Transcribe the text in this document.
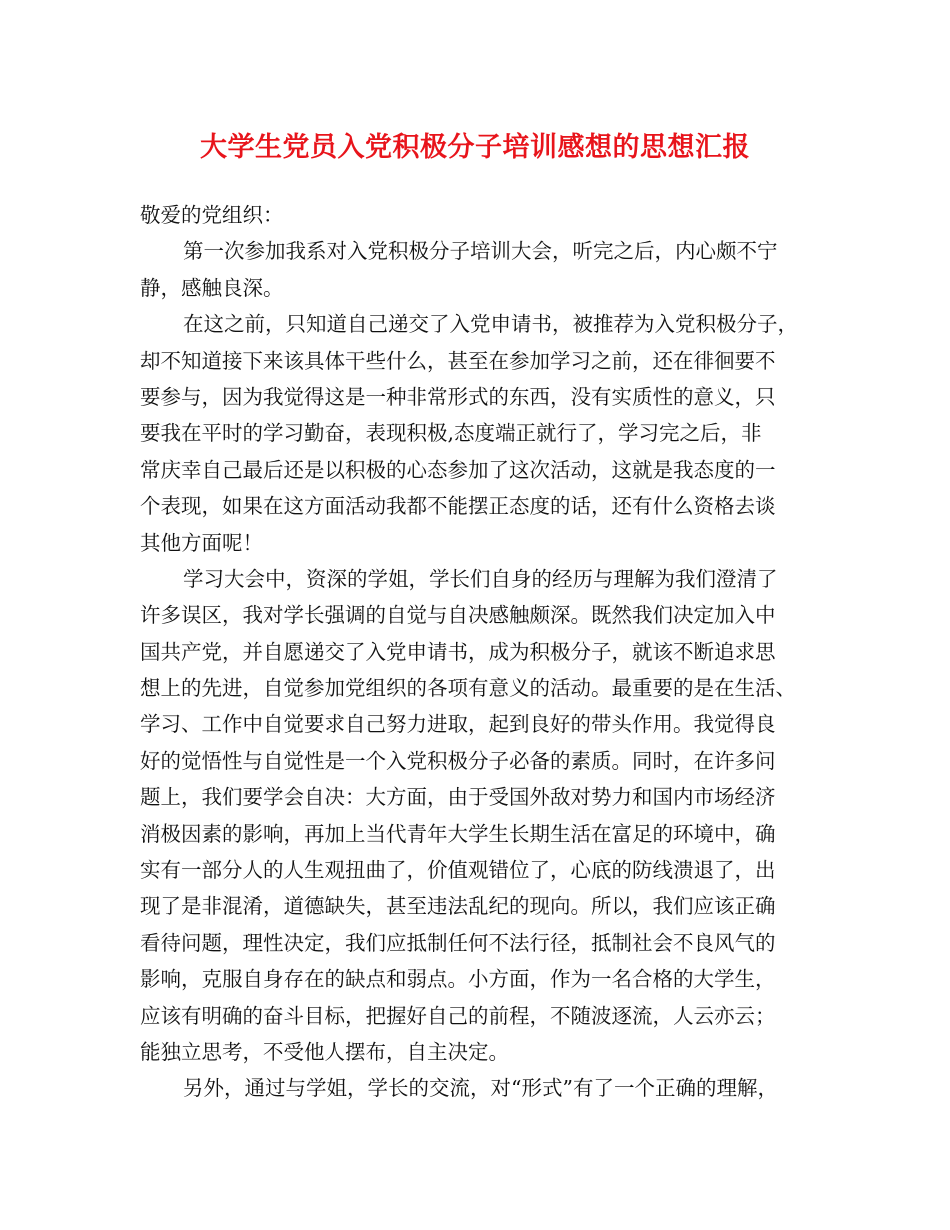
大学生党员入党积极分子培训感想的思想汇报
敬爱的党组织：
第一次参加我系对入党积极分子培训大会，听完之后，内心颇不宁
静，感触良深。
在这之前，只知道自己递交了入党申请书，被推荐为入党积极分子，
却不知道接下来该具体干些什么，甚至在参加学习之前，还在徘徊要不
要参与，因为我觉得这是一种非常形式的东西，没有实质性的意义，只
要我在平时的学习勤奋，表现积极,态度端正就行了，学习完之后，非
常庆幸自己最后还是以积极的心态参加了这次活动，这就是我态度的一
个表现，如果在这方面活动我都不能摆正态度的话，还有什么资格去谈
其他方面呢！
学习大会中，资深的学姐，学长们自身的经历与理解为我们澄清了
许多误区，我对学长强调的自觉与自决感触颇深。既然我们决定加入中
国共产党，并自愿递交了入党申请书，成为积极分子，就该不断追求思
想上的先进，自觉参加党组织的各项有意义的活动。最重要的是在生活、
学习、工作中自觉要求自己努力进取，起到良好的带头作用。我觉得良
好的觉悟性与自觉性是一个入党积极分子必备的素质。同时，在许多问
题上，我们要学会自决：大方面，由于受国外敌对势力和国内市场经济
消极因素的影响，再加上当代青年大学生长期生活在富足的环境中，确
实有一部分人的人生观扭曲了，价值观错位了，心底的防线溃退了，出
现了是非混淆，道德缺失，甚至违法乱纪的现向。所以，我们应该正确
看待问题，理性决定，我们应抵制任何不法行径，抵制社会不良风气的
影响，克服自身存在的缺点和弱点。小方面，作为一名合格的大学生，
应该有明确的奋斗目标，把握好自己的前程，不随波逐流，人云亦云；
能独立思考，不受他人摆布，自主决定。
另外，通过与学姐，学长的交流，对“形式”有了一个正确的理解，
